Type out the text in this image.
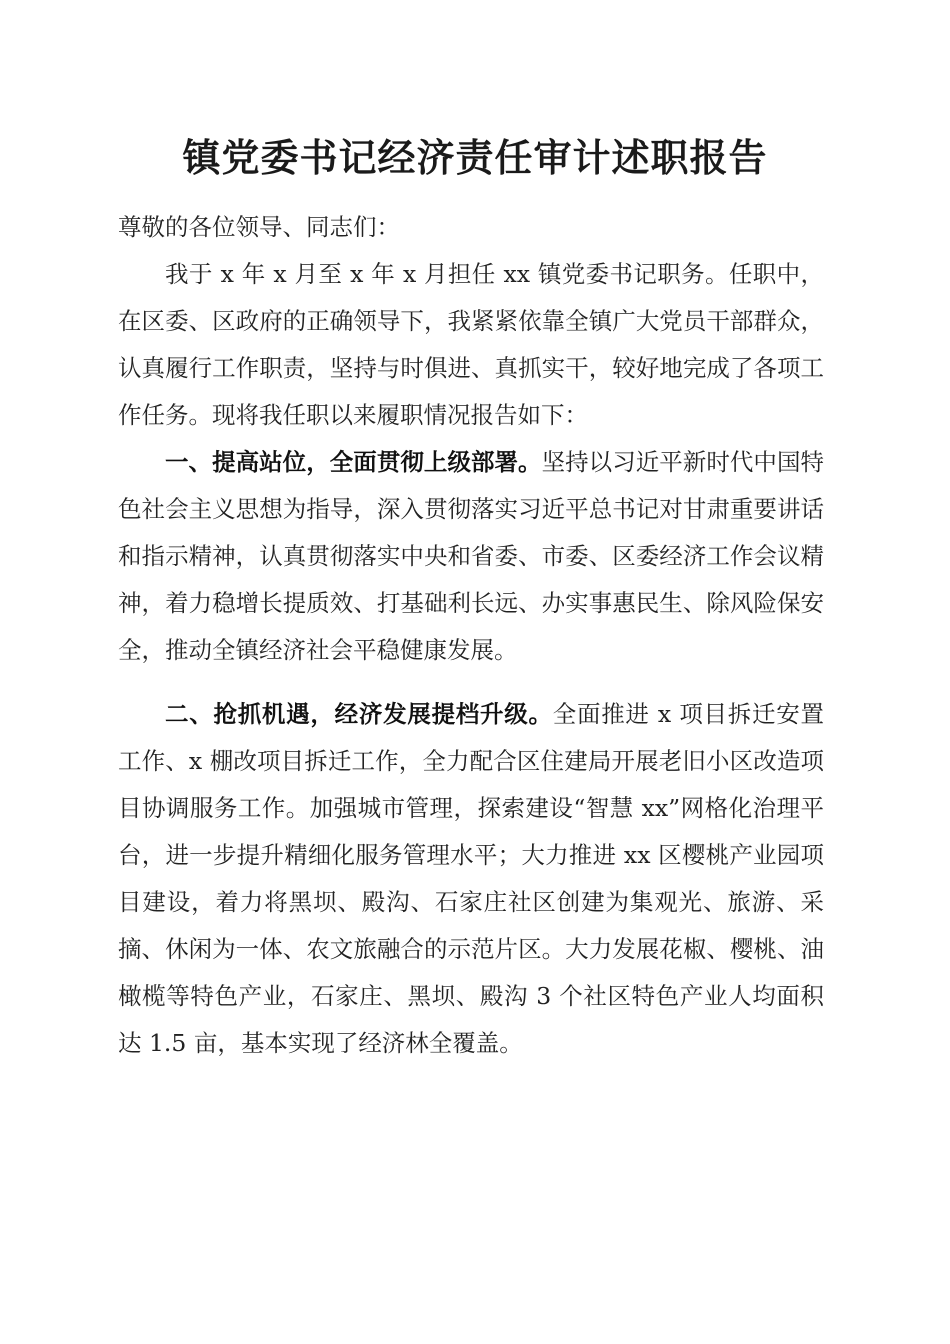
镇党委书记经济责任审计述职报告

尊敬的各位领导、同志们：

我于 x 年 x 月至 x 年 x 月担任 xx 镇党委书记职务。任职中，在区委、区政府的正确领导下，我紧紧依靠全镇广大党员干部群众，认真履行工作职责，坚持与时俱进、真抓实干，较好地完成了各项工作任务。现将我任职以来履职情况报告如下：

一、提高站位，全面贯彻上级部署。坚持以习近平新时代中国特色社会主义思想为指导，深入贯彻落实习近平总书记对甘肃重要讲话和指示精神，认真贯彻落实中央和省委、市委、区委经济工作会议精神，着力稳增长提质效、打基础利长远、办实事惠民生、除风险保安全，推动全镇经济社会平稳健康发展。

二、抢抓机遇，经济发展提档升级。全面推进 x 项目拆迁安置工作、x 棚改项目拆迁工作，全力配合区住建局开展老旧小区改造项目协调服务工作。加强城市管理，探索建设“智慧 xx”网格化治理平台，进一步提升精细化服务管理水平；大力推进 xx 区樱桃产业园项目建设，着力将黑坝、殿沟、石家庄社区创建为集观光、旅游、采摘、休闲为一体、农文旅融合的示范片区。大力发展花椒、樱桃、油橄榄等特色产业，石家庄、黑坝、殿沟 3 个社区特色产业人均面积达 1.5 亩，基本实现了经济林全覆盖。
